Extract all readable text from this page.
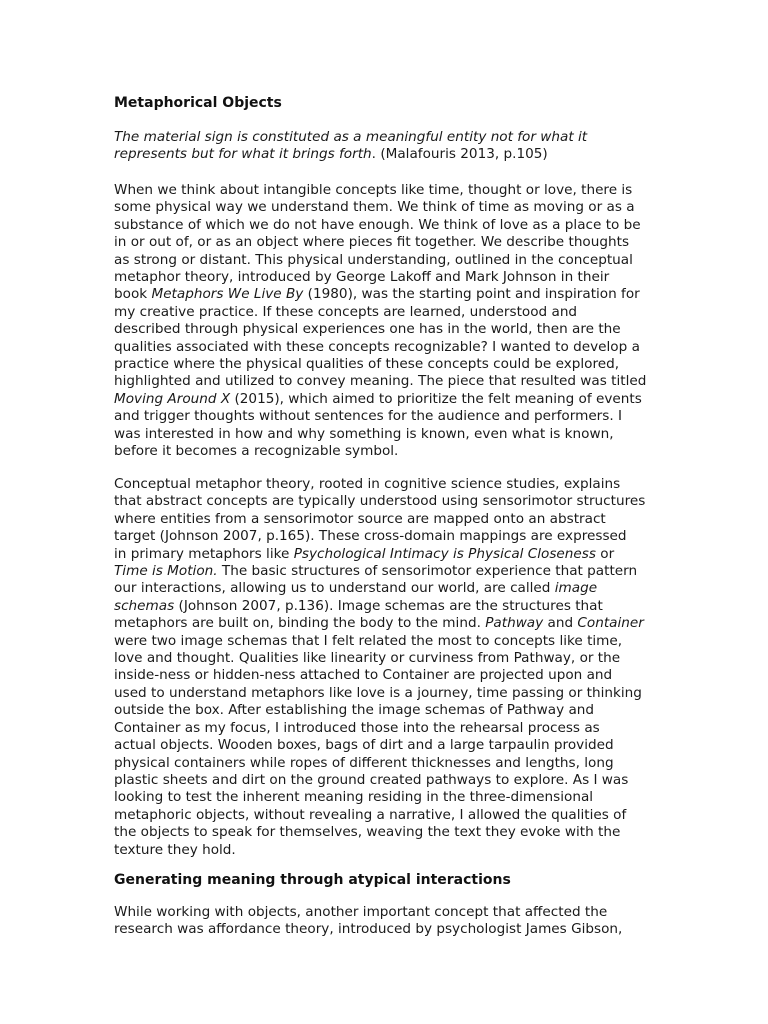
Metaphorical Objects
The material sign is constituted as a meaningful entity not for what it
represents but for what it brings forth. (Malafouris 2013, p.105)
When we think about intangible concepts like time, thought or love, there is
some physical way we understand them. We think of time as moving or as a
substance of which we do not have enough. We think of love as a place to be
in or out of, or as an object where pieces fit together. We describe thoughts
as strong or distant. This physical understanding, outlined in the conceptual
metaphor theory, introduced by George Lakoff and Mark Johnson in their
book Metaphors We Live By (1980), was the starting point and inspiration for
my creative practice. If these concepts are learned, understood and
described through physical experiences one has in the world, then are the
qualities associated with these concepts recognizable? I wanted to develop a
practice where the physical qualities of these concepts could be explored,
highlighted and utilized to convey meaning. The piece that resulted was titled
Moving Around X (2015), which aimed to prioritize the felt meaning of events
and trigger thoughts without sentences for the audience and performers. I
was interested in how and why something is known, even what is known,
before it becomes a recognizable symbol.
Conceptual metaphor theory, rooted in cognitive science studies, explains
that abstract concepts are typically understood using sensorimotor structures
where entities from a sensorimotor source are mapped onto an abstract
target (Johnson 2007, p.165). These cross-domain mappings are expressed
in primary metaphors like Psychological Intimacy is Physical Closeness or
Time is Motion. The basic structures of sensorimotor experience that pattern
our interactions, allowing us to understand our world, are called image
schemas (Johnson 2007, p.136). Image schemas are the structures that
metaphors are built on, binding the body to the mind. Pathway and Container
were two image schemas that I felt related the most to concepts like time,
love and thought. Qualities like linearity or curviness from Pathway, or the
inside-ness or hidden-ness attached to Container are projected upon and
used to understand metaphors like love is a journey, time passing or thinking
outside the box. After establishing the image schemas of Pathway and
Container as my focus, I introduced those into the rehearsal process as
actual objects. Wooden boxes, bags of dirt and a large tarpaulin provided
physical containers while ropes of different thicknesses and lengths, long
plastic sheets and dirt on the ground created pathways to explore. As I was
looking to test the inherent meaning residing in the three-dimensional
metaphoric objects, without revealing a narrative, I allowed the qualities of
the objects to speak for themselves, weaving the text they evoke with the
texture they hold.
Generating meaning through atypical interactions
While working with objects, another important concept that affected the
research was affordance theory, introduced by psychologist James Gibson,
